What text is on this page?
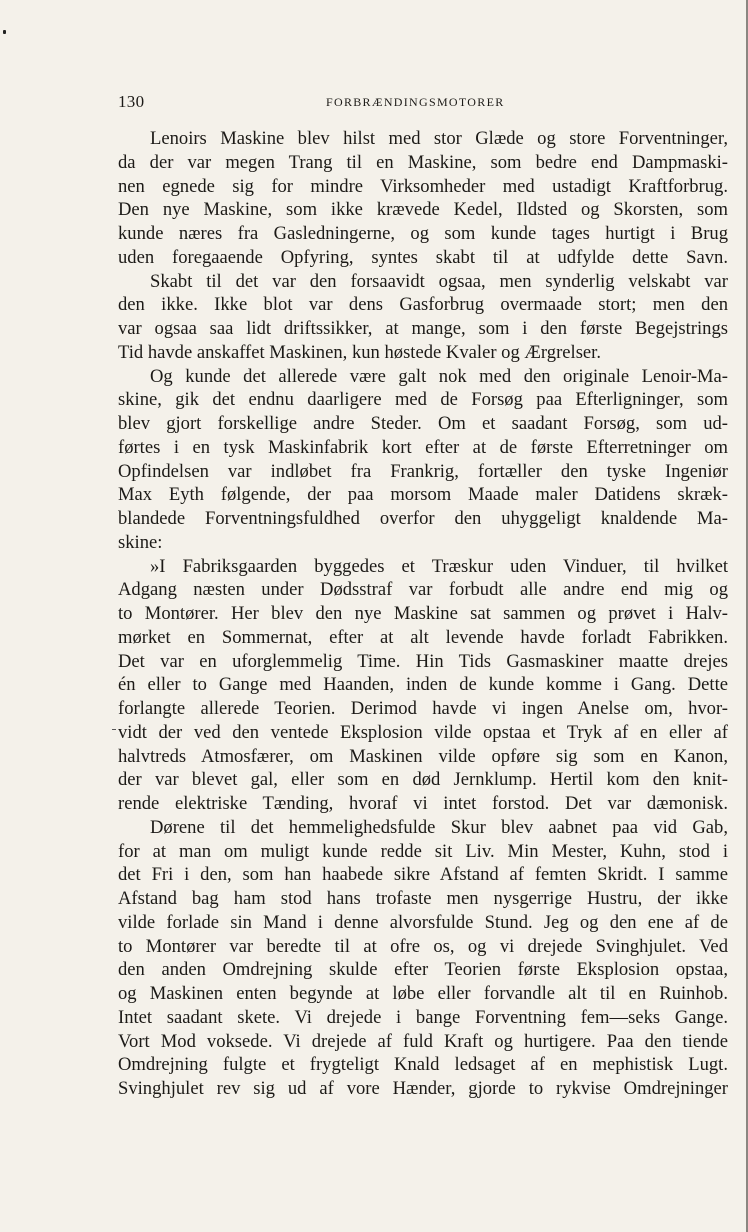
130	FORBRÆNDINGSMOTORER
Lenoirs Maskine blev hilst med stor Glæde og store Forventninger,
da der var megen Trang til en Maskine, som bedre end Dampmaski-
nen egnede sig for mindre Virksomheder med ustadigt Kraftforbrug.
Den nye Maskine, som ikke krævede Kedel, Ildsted og Skorsten, som
kunde næres fra Gasledningerne, og som kunde tages hurtigt i Brug
uden foregaaende Opfyring, syntes skabt til at udfylde dette Savn.
Skabt til det var den forsaavidt ogsaa, men synderlig velskabt var
den ikke. Ikke blot var dens Gasforbrug overmaade stort; men den
var ogsaa saa lidt driftssikker, at mange, som i den første Begejstrings
Tid havde anskaffet Maskinen, kun høstede Kvaler og Ærgrelser.
Og kunde det allerede være galt nok med den originale Lenoir-Ma-
skine, gik det endnu daarligere med de Forsøg paa Efterligninger, som
blev gjort forskellige andre Steder. Om et saadant Forsøg, som ud-
førtes i en tysk Maskinfabrik kort efter at de første Efterretninger om
Opfindelsen var indløbet fra Frankrig, fortæller den tyske Ingeniør
Max Eyth følgende, der paa morsom Maade maler Datidens skræk-
blandede Forventningsfuldhed overfor den uhyggeligt knaldende Ma-
skine:
»I Fabriksgaarden byggedes et Træskur uden Vinduer, til hvilket
Adgang næsten under Dødsstraf var forbudt alle andre end mig og
to Montører. Her blev den nye Maskine sat sammen og prøvet i Halv-
mørket en Sommernat, efter at alt levende havde forladt Fabrikken.
Det var en uforglemmelig Time. Hin Tids Gasmaskiner maatte drejes
én eller to Gange med Haanden, inden de kunde komme i Gang. Dette
forlangte allerede Teorien. Derimod havde vi ingen Anelse om, hvor-
vidt der ved den ventede Eksplosion vilde opstaa et Tryk af en eller af
halvtreds Atmosfærer, om Maskinen vilde opføre sig som en Kanon,
der var blevet gal, eller som en død Jernklump. Hertil kom den knit-
rende elektriske Tænding, hvoraf vi intet forstod. Det var dæmonisk.
Dørene til det hemmelighedsfulde Skur blev aabnet paa vid Gab,
for at man om muligt kunde redde sit Liv. Min Mester, Kuhn, stod i
det Fri i den, som han haabede sikre Afstand af femten Skridt. I samme
Afstand bag ham stod hans trofaste men nysgerrige Hustru, der ikke
vilde forlade sin Mand i denne alvorsfulde Stund. Jeg og den ene af de
to Montører var beredte til at ofre os, og vi drejede Svinghjulet. Ved
den anden Omdrejning skulde efter Teorien første Eksplosion opstaa,
og Maskinen enten begynde at løbe eller forvandle alt til en Ruinhob.
Intet saadant skete. Vi drejede i bange Forventning fem—seks Gange.
Vort Mod voksede. Vi drejede af fuld Kraft og hurtigere. Paa den tiende
Omdrejning fulgte et frygteligt Knald ledsaget af en mephistisk Lugt.
Svinghjulet rev sig ud af vore Hænder, gjorde to rykvise Omdrejninger
